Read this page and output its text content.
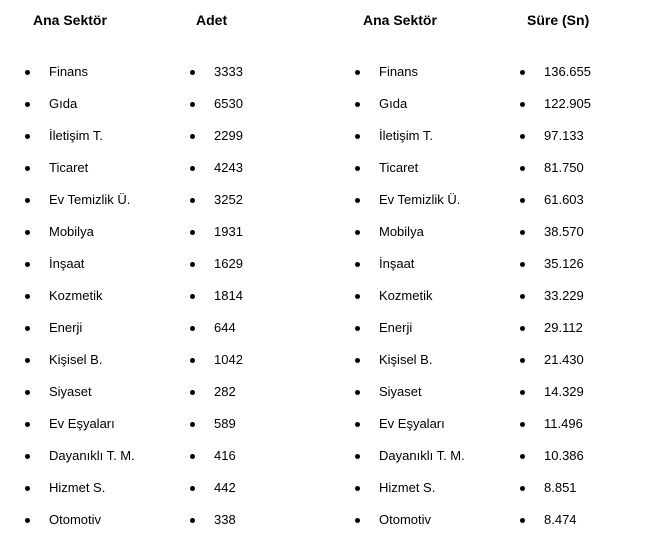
Ana Sektör	Adet	Ana Sektör	Süre (Sn)
Finans	3333	Finans	136.655
Gıda	6530	Gıda	122.905
İletişim T.	2299	İletişim T.	97.133
Ticaret	4243	Ticaret	81.750
Ev Temizlik Ü.	3252	Ev Temizlik Ü.	61.603
Mobilya	1931	Mobilya	38.570
İnşaat	1629	İnşaat	35.126
Kozmetik	1814	Kozmetik	33.229
Enerji	644	Enerji	29.112
Kişisel B.	1042	Kişisel B.	21.430
Siyaset	282	Siyaset	14.329
Ev Eşyaları	589	Ev Eşyaları	11.496
Dayanıklı T. M.	416	Dayanıklı T. M.	10.386
Hizmet S.	442	Hizmet S.	8.851
Otomotiv	338	Otomotiv	8.474
